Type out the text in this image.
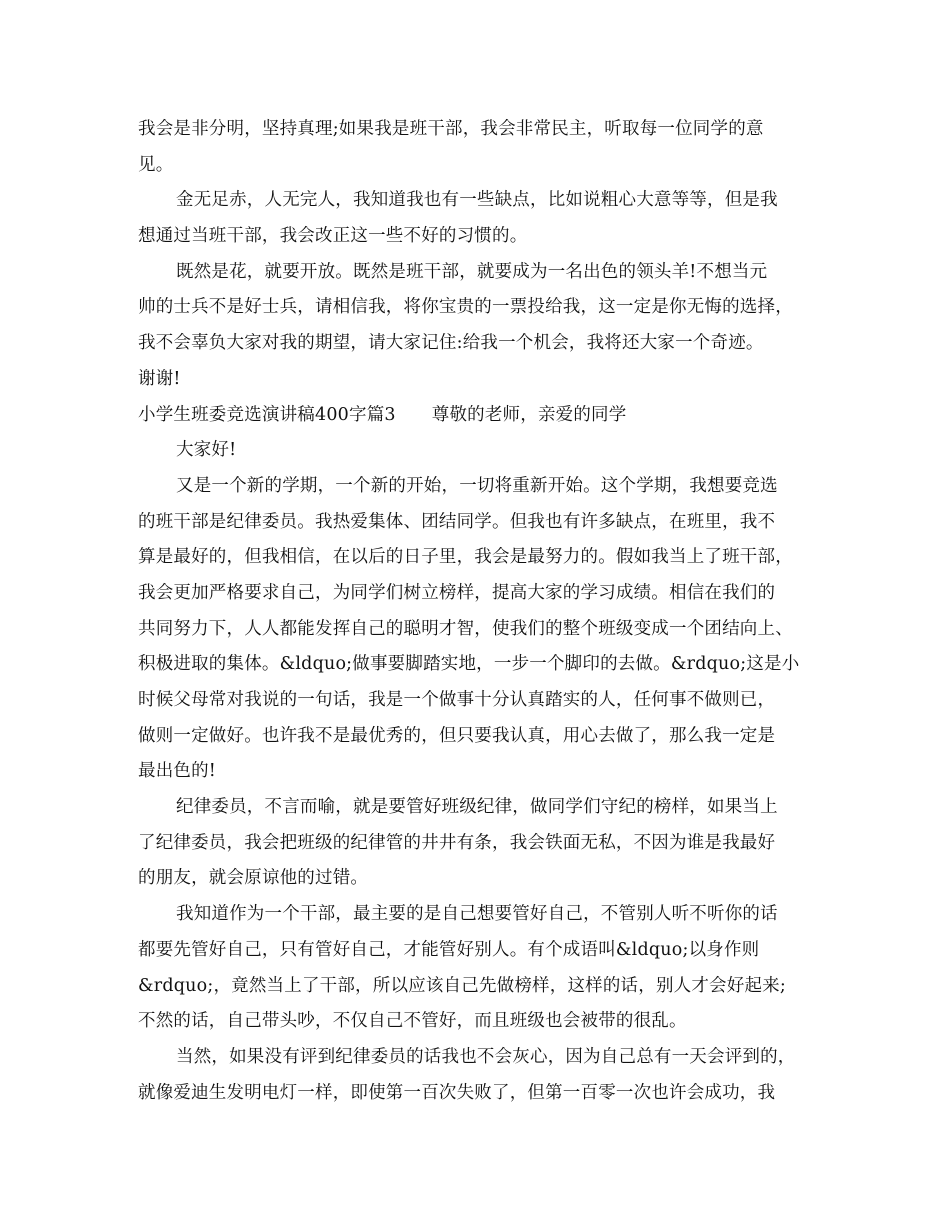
我会是非分明，坚持真理;如果我是班干部，我会非常民主，听取每一位同学的意
见。
金无足赤，人无完人，我知道我也有一些缺点，比如说粗心大意等等，但是我
想通过当班干部，我会改正这一些不好的习惯的。
既然是花，就要开放。既然是班干部，就要成为一名出色的领头羊!不想当元
帅的士兵不是好士兵，请相信我，将你宝贵的一票投给我，这一定是你无悔的选择，
我不会辜负大家对我的期望，请大家记住:给我一个机会，我将还大家一个奇迹。
谢谢!
小学生班委竞选演讲稿400字篇3 尊敬的老师，亲爱的同学
大家好!
又是一个新的学期，一个新的开始，一切将重新开始。这个学期，我想要竞选
的班干部是纪律委员。我热爱集体、团结同学。但我也有许多缺点，在班里，我不
算是最好的，但我相信，在以后的日子里，我会是最努力的。假如我当上了班干部，
我会更加严格要求自己，为同学们树立榜样，提高大家的学习成绩。相信在我们的
共同努力下，人人都能发挥自己的聪明才智，使我们的整个班级变成一个团结向上、
积极进取的集体。&ldquo;做事要脚踏实地，一步一个脚印的去做。&rdquo;这是小
时候父母常对我说的一句话，我是一个做事十分认真踏实的人，任何事不做则已，
做则一定做好。也许我不是最优秀的，但只要我认真，用心去做了，那么我一定是
最出色的!
纪律委员，不言而喻，就是要管好班级纪律，做同学们守纪的榜样，如果当上
了纪律委员，我会把班级的纪律管的井井有条，我会铁面无私，不因为谁是我最好
的朋友，就会原谅他的过错。
我知道作为一个干部，最主要的是自己想要管好自己，不管别人听不听你的话
都要先管好自己，只有管好自己，才能管好别人。有个成语叫&ldquo;以身作则
&rdquo;，竟然当上了干部，所以应该自己先做榜样，这样的话，别人才会好起来;
不然的话，自己带头吵，不仅自己不管好，而且班级也会被带的很乱。
当然，如果没有评到纪律委员的话我也不会灰心，因为自己总有一天会评到的，
就像爱迪生发明电灯一样，即使第一百次失败了，但第一百零一次也许会成功，我
